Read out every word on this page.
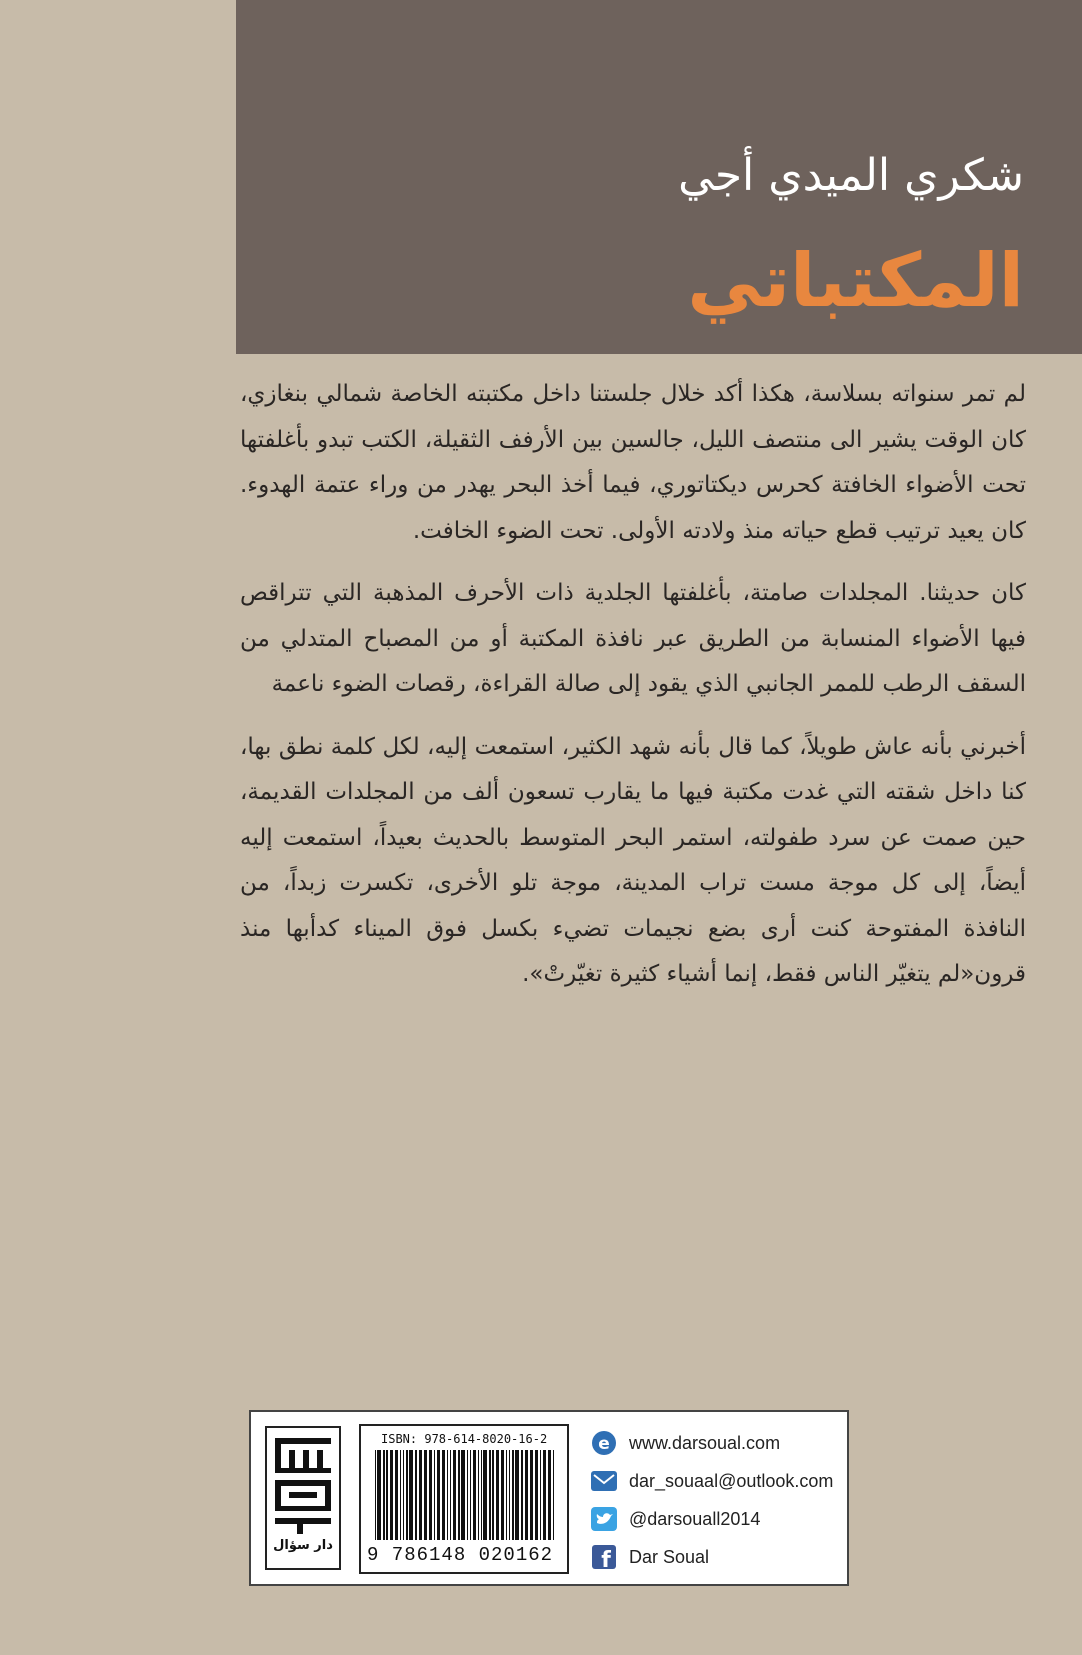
شكري الميدي أجي
المكتباتي

لم تمر سنواته بسلاسة، هكذا أكد خلال جلستنا داخل مكتبته الخاصة شمالي بنغازي، كان الوقت يشير الى منتصف الليل، جالسين بين الأرفف الثقيلة، الكتب تبدو بأغلفتها تحت الأضواء الخافتة كحرس ديكتاتوري، فيما أخذ البحر يهدر من وراء عتمة الهدوء. كان يعيد ترتيب قطع حياته منذ ولادته الأولى. تحت الضوء الخافت.

كان حديثنا. المجلدات صامتة، بأغلفتها الجلدية ذات الأحرف المذهبة التي تتراقص فيها الأضواء المنسابة من الطريق عبر نافذة المكتبة أو من المصباح المتدلي من السقف الرطب للممر الجانبي الذي يقود إلى صالة القراءة، رقصات الضوء ناعمة

أخبرني بأنه عاش طويلاً، كما قال بأنه شهد الكثير، استمعت إليه، لكل كلمة نطق بها، كنا داخل شقته التي غدت مكتبة فيها ما يقارب تسعون ألف من المجلدات القديمة، حين صمت عن سرد طفولته، استمر البحر المتوسط بالحديث بعيداً، استمعت إليه أيضاً، إلى كل موجة مست تراب المدينة، موجة تلو الأخرى، تكسرت زبداً، من النافذة المفتوحة كنت أرى بضع نجيمات تضيء بكسل فوق الميناء كدأبها منذ قرون«لم يتغيّر الناس فقط، إنما أشياء كثيرة تغيّرتْ».

دار سؤال
ISBN: 978-614-8020-16-2
9 786148 020162
e www.darsoual.com
dar_souaal@outlook.com
@darsouall2014
f Dar Soual
